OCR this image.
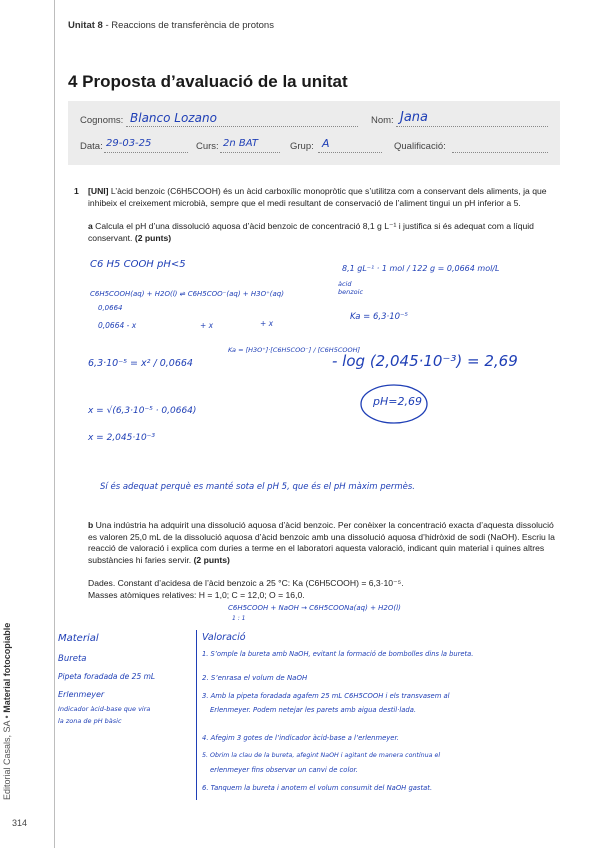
Unitat 8 - Reaccions de transferència de protons
4 Proposta d’avaluació de la unitat
Cognoms: Blanco Lozano	Nom: Jana
Data: 29-03-25	Curs: 2n BAT	Grup: A	Qualificació:
1 [UNI] L’àcid benzoic (C6H5COOH) és un àcid carboxílic monopròtic que s’utilitza com a conservant dels aliments, ja que inhibeix el creixement microbià, sempre que el medi resultant de conservació de l’aliment tingui un pH inferior a 5.
a Calcula el pH d’una dissolució aquosa d’àcid benzoic de concentració 8,1 g L⁻¹ i justifica si és adequat com a líquid conservant. (2 punts)
C6 H5 COOH pH<5
C6H5COOH(aq) + H2O(l) ⇌ C6H5COO⁻(aq) + H3O⁺(aq)
0,0664
0,0664 - x	+ x	+ x
8,1 gL⁻¹ · 1 mol / 122 g = 0,0664 mol/L
àcid benzoic
Ka = 6,3·10⁻⁵
6,3·10⁻⁵ = x² / 0,0664
Ka = [H3O⁺]·[C6H5COO⁻] / [C6H5COOH]
- log (2,045·10⁻³) = 2,69
pH=2,69
x = √(6,3·10⁻⁵ · 0,0664)
x = 2,045·10⁻³
Sí és adequat perquè es manté sota el pH 5, que és el pH màxim permès.
b Una indústria ha adquirit una dissolució aquosa d’àcid benzoic. Per conèixer la concentració exacta d’aquesta dissolució es valoren 25,0 mL de la dissolució aquosa d’àcid benzoic amb una dissolució aquosa d’hidròxid de sodi (NaOH). Escriu la reacció de valoració i explica com duries a terme en el laboratori aquesta valoració, indicant quin material i quines altres substàncies hi faries servir. (2 punts)
Dades. Constant d’acidesa de l’àcid benzoic a 25 °C: Ka (C6H5COOH) = 6,3·10⁻⁵.
Masses atòmiques relatives: H = 1,0; C = 12,0; O = 16,0.
C6H5COOH + NaOH → C6H5COONa(aq) + H2O(l)
1 : 1
Material
Bureta
Pipeta foradada de 25 mL
Erlenmeyer
Indicador àcid-base que vira
la zona de pH bàsic
Valoració
1. S’omple la bureta amb NaOH, evitant la formació de bombolles dins la bureta.
2. S’enrasa el volum de NaOH
3. Amb la pipeta foradada agafem 25 mL C6H5COOH i els transvasem al
Erlenmeyer. Podem netejar les parets amb aigua destil·lada.
4. Afegim 3 gotes de l’indicador àcid-base a l’erlenmeyer.
5. Obrim la clau de la bureta, afegint NaOH i agitant de manera contínua el
erlenmeyer fins observar un canvi de color.
6. Tanquem la bureta i anotem el volum consumit del NaOH gastat.
Editorial Casals, SA • Material fotocopiable
314
